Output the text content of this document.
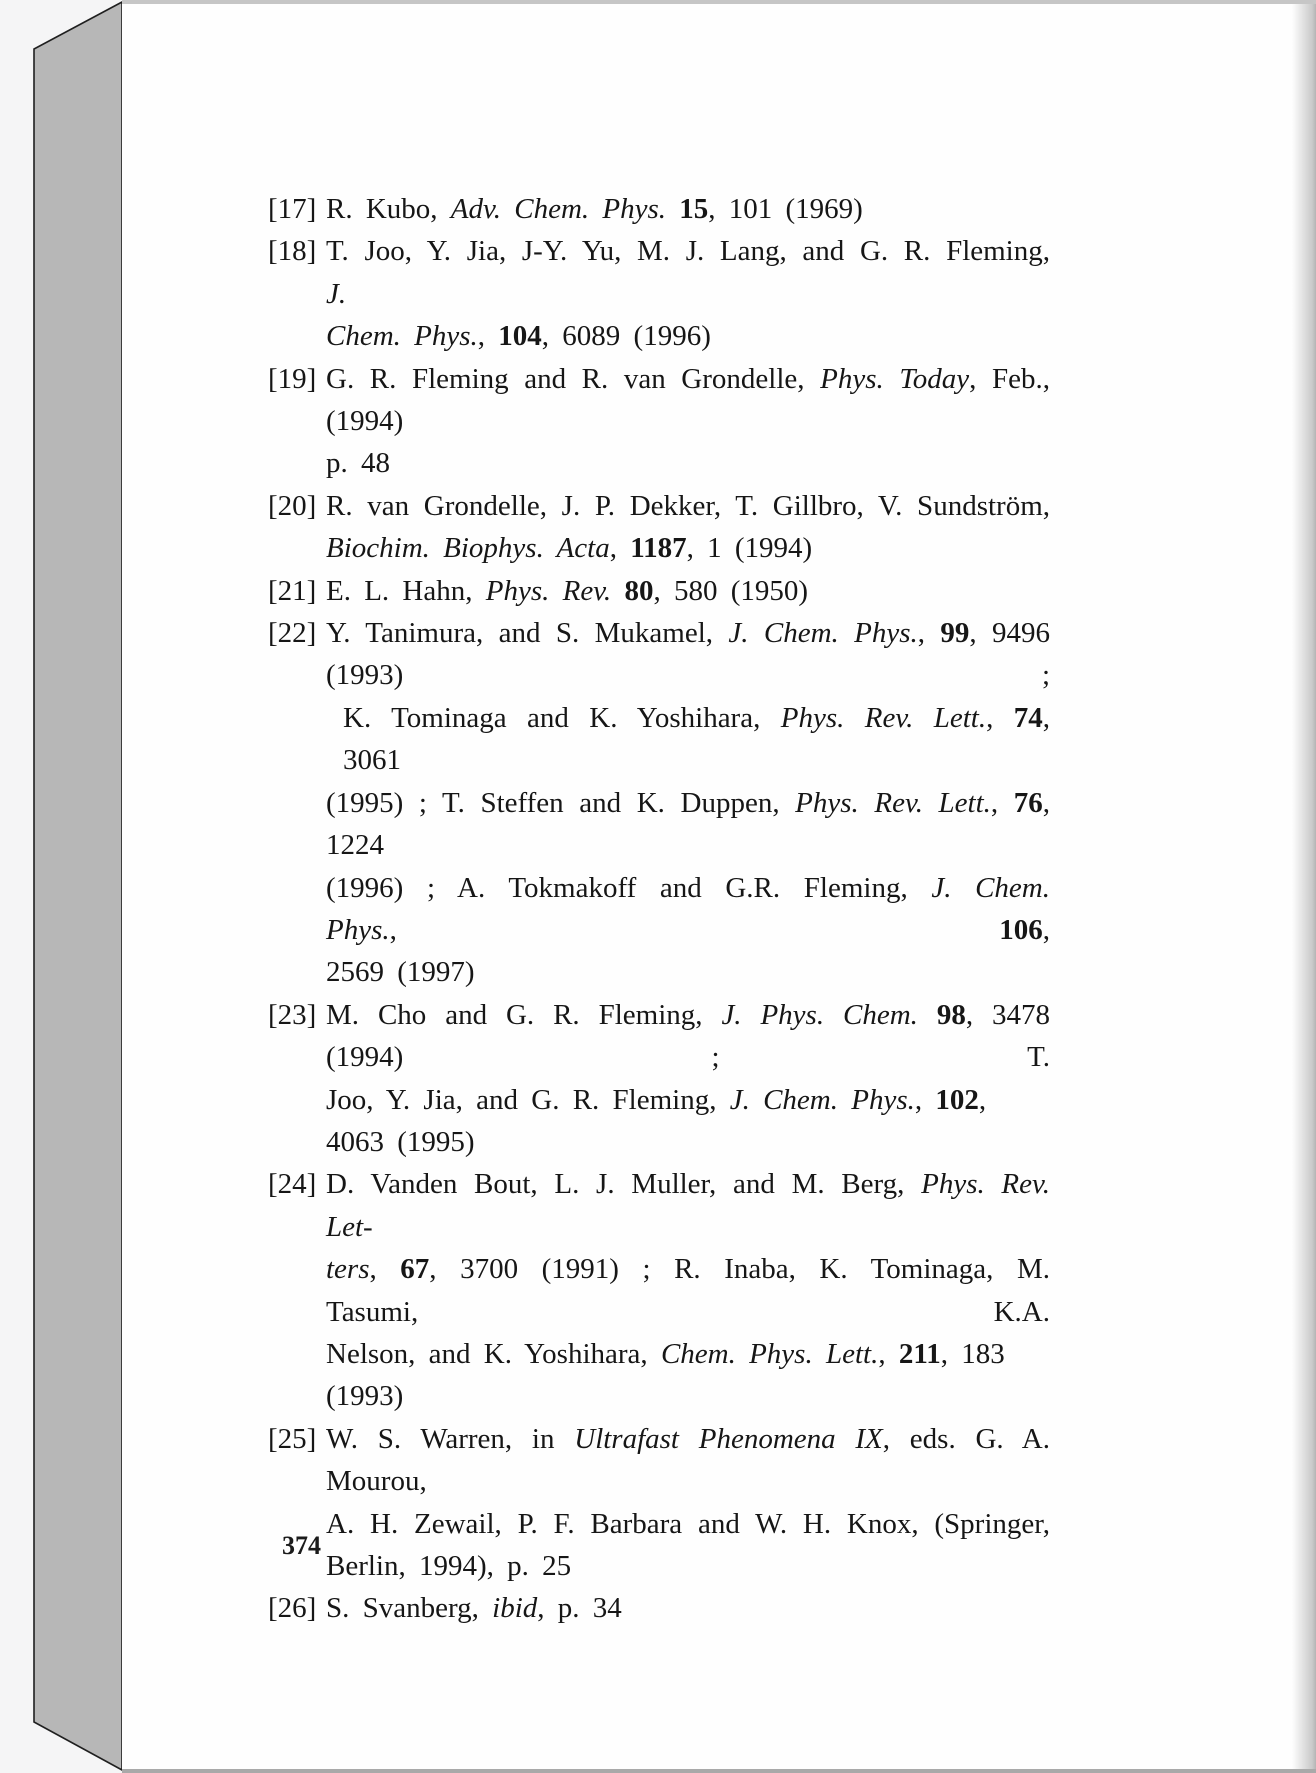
[17] R. Kubo, Adv. Chem. Phys. 15, 101 (1969)
[18] T. Joo, Y. Jia, J-Y. Yu, M. J. Lang, and G. R. Fleming, J.
Chem. Phys., 104, 6089 (1996)
[19] G. R. Fleming and R. van Grondelle, Phys. Today, Feb., (1994)
p. 48
[20] R. van Grondelle, J. P. Dekker, T. Gillbro, V. Sundström,
Biochim. Biophys. Acta, 1187, 1 (1994)
[21] E. L. Hahn, Phys. Rev. 80, 580 (1950)
[22] Y. Tanimura, and S. Mukamel, J. Chem. Phys., 99, 9496 (1993) ;
K. Tominaga and K. Yoshihara, Phys. Rev. Lett., 74, 3061
(1995) ; T. Steffen and K. Duppen, Phys. Rev. Lett., 76, 1224
(1996) ; A. Tokmakoff and G.R. Fleming, J. Chem. Phys., 106,
2569 (1997)
[23] M. Cho and G. R. Fleming, J. Phys. Chem. 98, 3478 (1994) ; T.
Joo, Y. Jia, and G. R. Fleming, J. Chem. Phys., 102, 4063 (1995)
[24] D. Vanden Bout, L. J. Muller, and M. Berg, Phys. Rev. Let-
ters, 67, 3700 (1991) ; R. Inaba, K. Tominaga, M. Tasumi, K.A.
Nelson, and K. Yoshihara, Chem. Phys. Lett., 211, 183 (1993)
[25] W. S. Warren, in Ultrafast Phenomena IX, eds. G. A. Mourou,
A. H. Zewail, P. F. Barbara and W. H. Knox, (Springer,
Berlin, 1994), p. 25
[26] S. Svanberg, ibid, p. 34
374
